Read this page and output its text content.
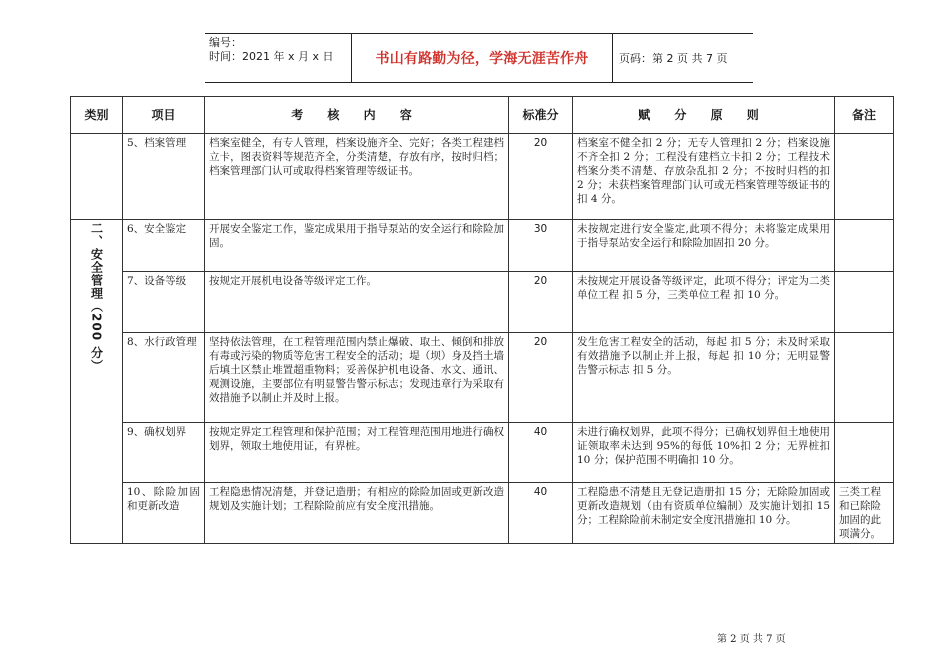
编号：
时间：2021 年 x 月 x 日	书山有路勤为径，学海无涯苦作舟	页码：第 2 页 共 7 页
类别	项目	考 核 内 容	标准分	赋 分 原 则	备注
	5、档案管理	档案室健全，有专人管理，档案设施齐全、完好；各类工程建档立卡，图表资料等规范齐全，分类清楚，存放有序，按时归档；档案管理部门认可或取得档案管理等级证书。	20	档案室不健全扣 2 分；无专人管理扣 2 分；档案设施不齐全扣 2 分；工程没有建档立卡扣 2 分；工程技术档案分类不清楚、存放杂乱扣 2 分；不按时归档的扣 2 分；未获档案管理部门认可或无档案管理等级证书的扣 4 分。	
二、安全管理（200 分）	6、安全鉴定	开展安全鉴定工作，鉴定成果用于指导泵站的安全运行和除险加固。	30	未按规定进行安全鉴定,此项不得分；未将鉴定成果用于指导泵站安全运行和除险加固扣 20 分。	
	7、设备等级	按规定开展机电设备等级评定工作。	20	未按规定开展设备等级评定，此项不得分；评定为二类单位工程 扣 5 分，三类单位工程 扣 10 分。	
	8、水行政管理	坚持依法管理，在工程管理范围内禁止爆破、取土、倾倒和排放有毒或污染的物质等危害工程安全的活动；堤（坝）身及挡土墙后填土区禁止堆置超重物料；妥善保护机电设备、水文、通讯、观测设施，主要部位有明显警告警示标志；发现违章行为采取有效措施予以制止并及时上报。	20	发生危害工程安全的活动，每起 扣 5 分；未及时采取有效措施予以制止并上报，每起 扣 10 分；无明显警告警示标志 扣 5 分。	
	9、确权划界	按规定界定工程管理和保护范围；对工程管理范围用地进行确权划界，领取土地使用证，有界桩。	40	未进行确权划界，此项不得分；已确权划界但土地使用证领取率未达到 95%的每低 10%扣 2 分；无界桩扣 10 分；保护范围不明确扣 10 分。	
	10、除险加固和更新改造	工程隐患情况清楚，并登记造册；有相应的除险加固或更新改造规划及实施计划；工程除险前应有安全度汛措施。	40	工程隐患不清楚且无登记造册扣 15 分；无除险加固或更新改造规划（由有资质单位编制）及实施计划扣 15 分；工程除险前未制定安全度汛措施扣 10 分。	三类工程和已除险加固的此项满分。
第 2 页 共 7 页
